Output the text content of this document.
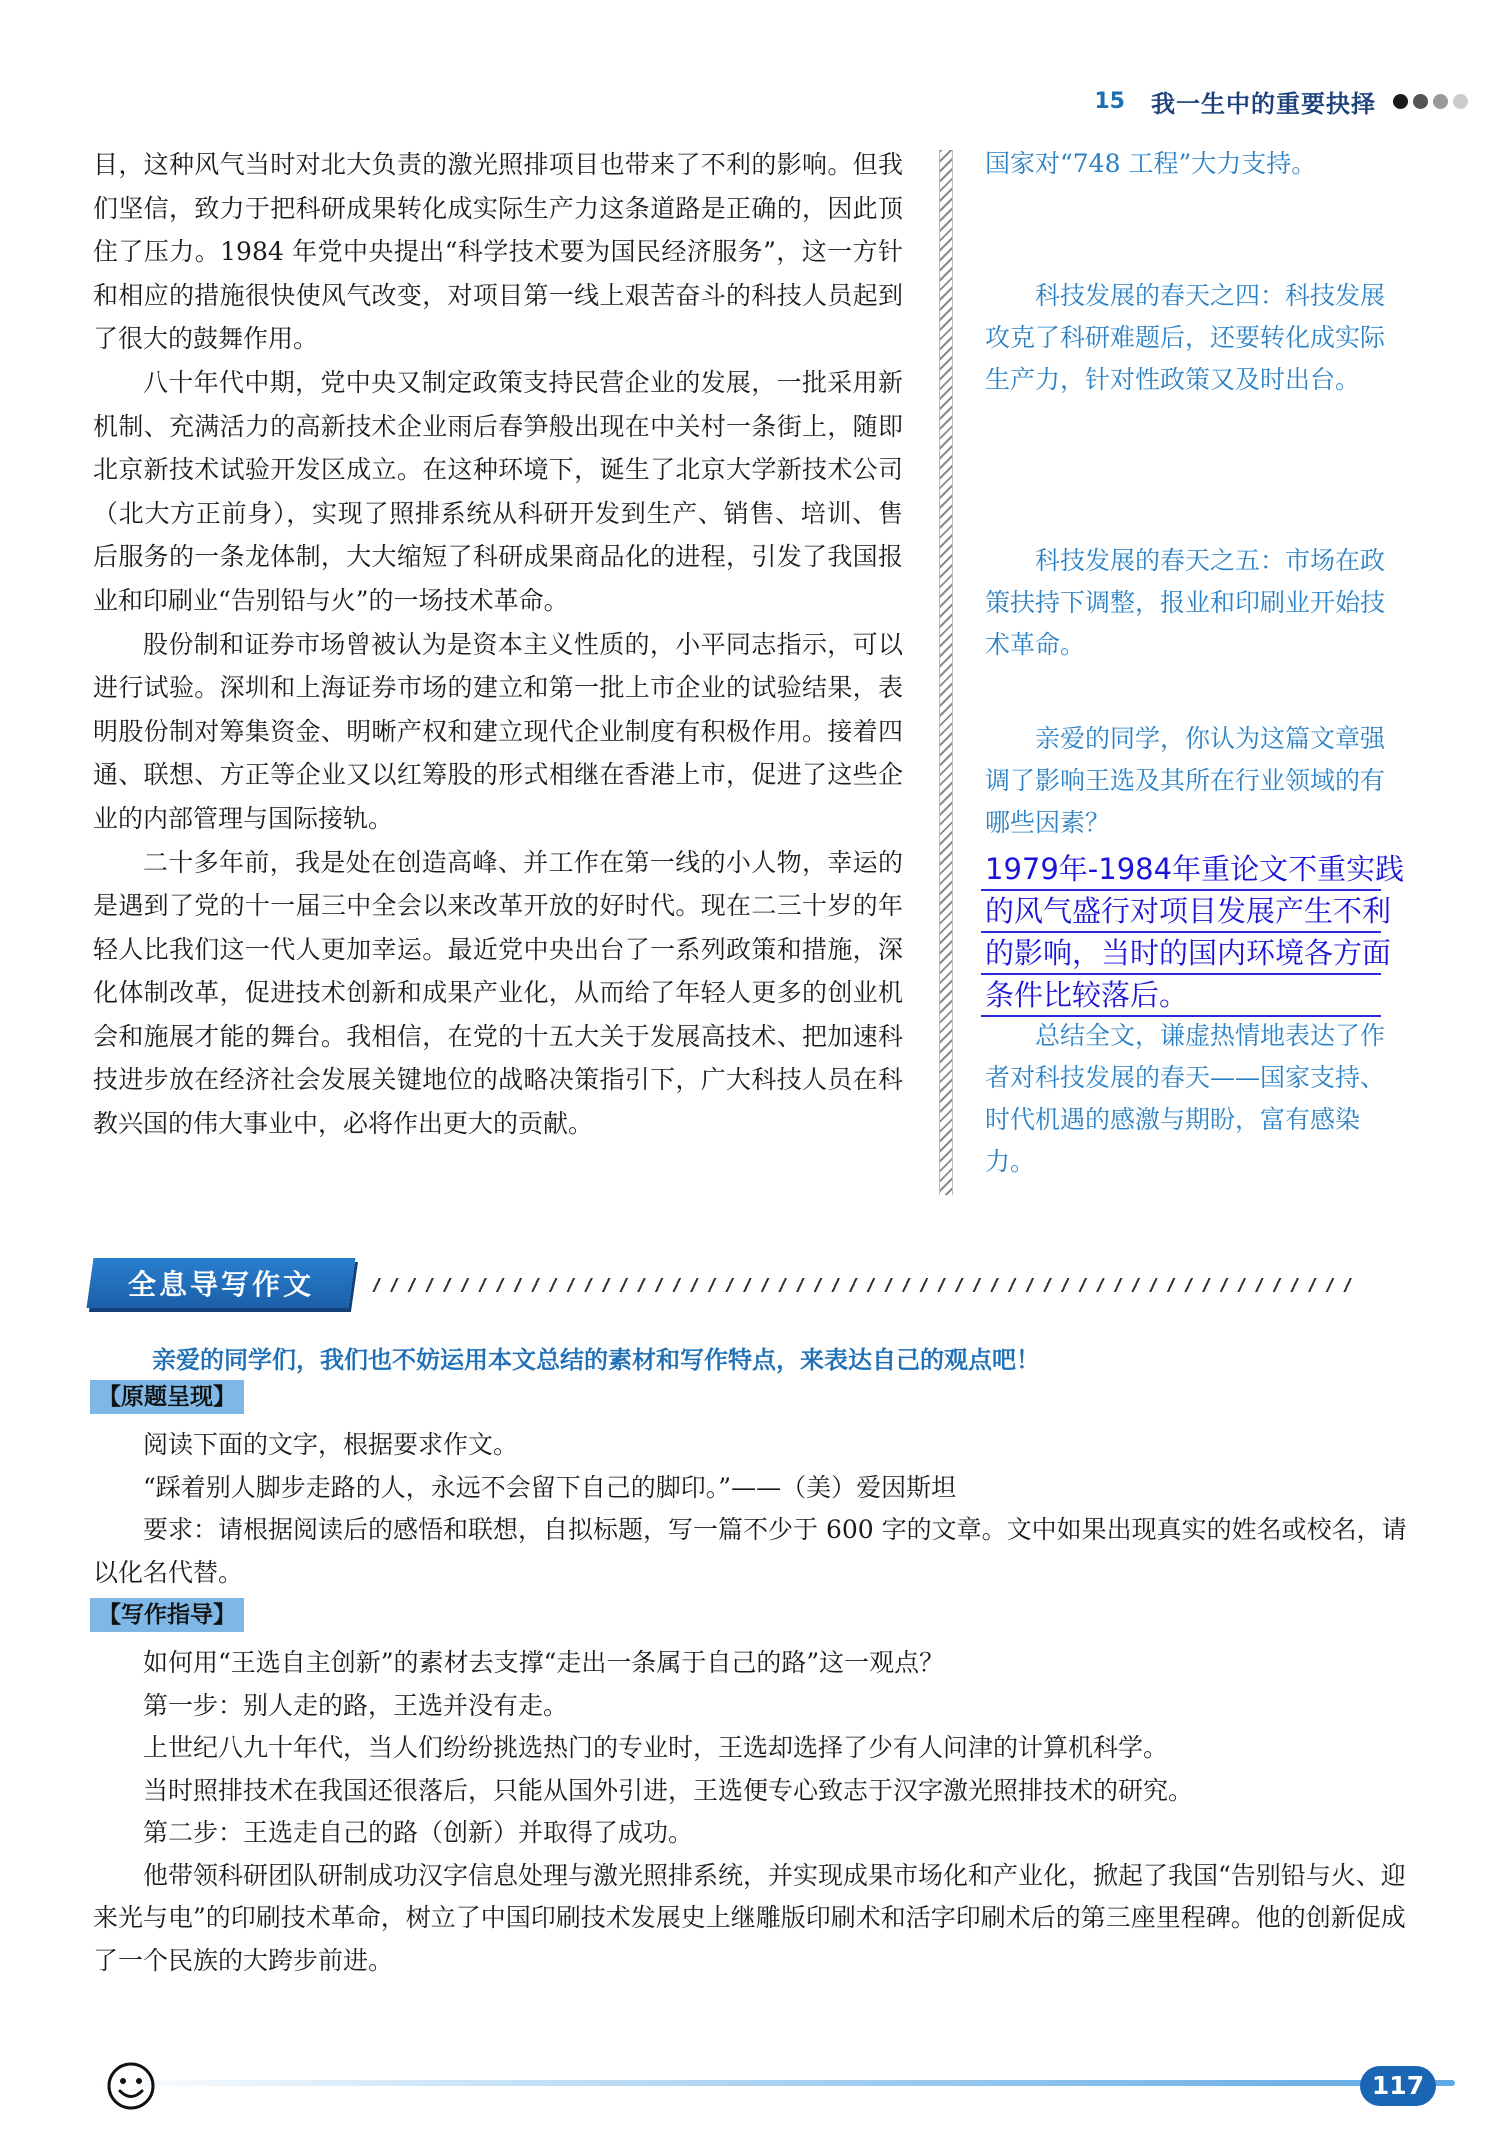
15 我一生中的重要抉择

目，这种风气当时对北大负责的激光照排项目也带来了不利的影响。但我们坚信，致力于把科研成果转化成实际生产力这条道路是正确的，因此顶住了压力。1984 年党中央提出“科学技术要为国民经济服务”，这一方针和相应的措施很快使风气改变，对项目第一线上艰苦奋斗的科技人员起到了很大的鼓舞作用。

八十年代中期，党中央又制定政策支持民营企业的发展，一批采用新机制、充满活力的高新技术企业雨后春笋般出现在中关村一条街上，随即北京新技术试验开发区成立。在这种环境下，诞生了北京大学新技术公司（北大方正前身），实现了照排系统从科研开发到生产、销售、培训、售后服务的一条龙体制，大大缩短了科研成果商品化的进程，引发了我国报业和印刷业“告别铅与火”的一场技术革命。

股份制和证券市场曾被认为是资本主义性质的，小平同志指示，可以进行试验。深圳和上海证券市场的建立和第一批上市企业的试验结果，表明股份制对筹集资金、明晰产权和建立现代企业制度有积极作用。接着四通、联想、方正等企业又以红筹股的形式相继在香港上市，促进了这些企业的内部管理与国际接轨。

二十多年前，我是处在创造高峰、并工作在第一线的小人物，幸运的是遇到了党的十一届三中全会以来改革开放的好时代。现在二三十岁的年轻人比我们这一代人更加幸运。最近党中央出台了一系列政策和措施，深化体制改革，促进技术创新和成果产业化，从而给了年轻人更多的创业机会和施展才能的舞台。我相信，在党的十五大关于发展高技术、把加速科技进步放在经济社会发展关键地位的战略决策指引下，广大科技人员在科教兴国的伟大事业中，必将作出更大的贡献。

国家对“748 工程”大力支持。

科技发展的春天之四：科技发展攻克了科研难题后，还要转化成实际生产力，针对性政策又及时出台。

科技发展的春天之五：市场在政策扶持下调整，报业和印刷业开始技术革命。

亲爱的同学，你认为这篇文章强调了影响王选及其所在行业领域的有哪些因素？

1979年-1984年重论文不重实践的风气盛行对项目发展产生不利的影响，当时的国内环境各方面条件比较落后。

总结全文，谦虚热情地表达了作者对科技发展的春天——国家支持、时代机遇的感激与期盼，富有感染力。

全息导写作文
亲爱的同学们，我们也不妨运用本文总结的素材和写作特点，来表达自己的观点吧！
【原题呈现】

阅读下面的文字，根据要求作文。

“踩着别人脚步走路的人，永远不会留下自己的脚印。”——（美）爱因斯坦

要求：请根据阅读后的感悟和联想，自拟标题，写一篇不少于 600 字的文章。文中如果出现真实的姓名或校名，请以化名代替。

如何用“王选自主创新”的素材去支撑“走出一条属于自己的路”这一观点？

第一步：别人走的路，王选并没有走。

上世纪八九十年代，当人们纷纷挑选热门的专业时，王选却选择了少有人问津的计算机科学。

当时照排技术在我国还很落后，只能从国外引进，王选便专心致志于汉字激光照排技术的研究。

第二步：王选走自己的路（创新）并取得了成功。

他带领科研团队研制成功汉字信息处理与激光照排系统，并实现成果市场化和产业化，掀起了我国“告别铅与火、迎来光与电”的印刷技术革命，树立了中国印刷技术发展史上继雕版印刷术和活字印刷术后的第三座里程碑。他的创新促成了一个民族的大跨步前进。

【写作指导】
117
